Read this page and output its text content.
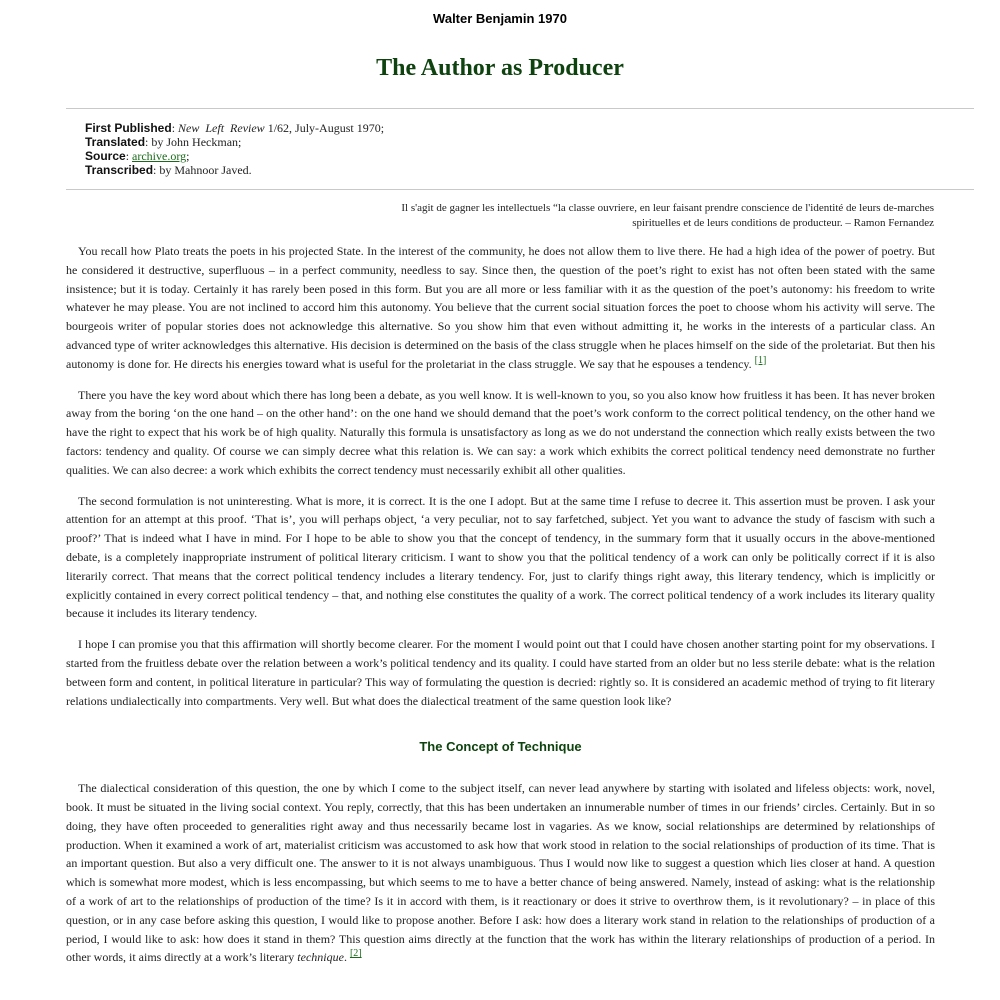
Walter Benjamin 1970
The Author as Producer
First Published: New Left Review 1/62, July-August 1970;
Translated: by John Heckman;
Source: archive.org;
Transcribed: by Mahnoor Javed.
Il s'agit de gagner les intellectuels “la classe ouvriere, en leur faisant prendre conscience de l'identité de leurs de-marches
spirituelles et de leurs conditions de producteur. – Ramon Fernandez

You recall how Plato treats the poets in his projected State. In the interest of the community, he does not allow them to live there. He had a high idea of the power of poetry. But he considered it destructive, superfluous – in a perfect community, needless to say. Since then, the question of the poet’s right to exist has not often been stated with the same insistence; but it is today. Certainly it has rarely been posed in this form. But you are all more or less familiar with it as the question of the poet’s autonomy: his freedom to write whatever he may please. You are not inclined to accord him this autonomy. You believe that the current social situation forces the poet to choose whom his activity will serve. The bourgeois writer of popular stories does not acknowledge this alternative. So you show him that even without admitting it, he works in the interests of a particular class. An advanced type of writer acknowledges this alternative. His decision is determined on the basis of the class struggle when he places himself on the side of the proletariat. But then his autonomy is done for. He directs his energies toward what is useful for the proletariat in the class struggle. We say that he espouses a tendency. [1]

There you have the key word about which there has long been a debate, as you well know. It is well-known to you, so you also know how fruitless it has been. It has never broken away from the boring ‘on the one hand – on the other hand’: on the one hand we should demand that the poet’s work conform to the correct political tendency, on the other hand we have the right to expect that his work be of high quality. Naturally this formula is unsatisfactory as long as we do not understand the connection which really exists between the two factors: tendency and quality. Of course we can simply decree what this relation is. We can say: a work which exhibits the correct political tendency need demonstrate no further qualities. We can also decree: a work which exhibits the correct tendency must necessarily exhibit all other qualities.

The second formulation is not uninteresting. What is more, it is correct. It is the one I adopt. But at the same time I refuse to decree it. This assertion must be proven. I ask your attention for an attempt at this proof. ‘That is’, you will perhaps object, ‘a very peculiar, not to say farfetched, subject. Yet you want to advance the study of fascism with such a proof?’ That is indeed what I have in mind. For I hope to be able to show you that the concept of tendency, in the summary form that it usually occurs in the above-mentioned debate, is a completely inappropriate instrument of political literary criticism. I want to show you that the political tendency of a work can only be politically correct if it is also literarily correct. That means that the correct political tendency includes a literary tendency. For, just to clarify things right away, this literary tendency, which is implicitly or explicitly contained in every correct political tendency – that, and nothing else constitutes the quality of a work. The correct political tendency of a work includes its literary quality because it includes its literary tendency.

I hope I can promise you that this affirmation will shortly become clearer. For the moment I would point out that I could have chosen another starting point for my observations. I started from the fruitless debate over the relation between a work’s political tendency and its quality. I could have started from an older but no less sterile debate: what is the relation between form and content, in political literature in particular? This way of formulating the question is decried: rightly so. It is considered an academic method of trying to fit literary relations undialectically into compartments. Very well. But what does the dialectical treatment of the same question look like?

The Concept of Technique

The dialectical consideration of this question, the one by which I come to the subject itself, can never lead anywhere by starting with isolated and lifeless objects: work, novel, book. It must be situated in the living social context. You reply, correctly, that this has been undertaken an innumerable number of times in our friends’ circles. Certainly. But in so doing, they have often proceeded to generalities right away and thus necessarily became lost in vagaries. As we know, social relationships are determined by relationships of production. When it examined a work of art, materialist criticism was accustomed to ask how that work stood in relation to the social relationships of production of its time. That is an important question. But also a very difficult one. The answer to it is not always unambiguous. Thus I would now like to suggest a question which lies closer at hand. A question which is somewhat more modest, which is less encompassing, but which seems to me to have a better chance of being answered. Namely, instead of asking: what is the relationship of a work of art to the relationships of production of the time? Is it in accord with them, is it reactionary or does it strive to overthrow them, is it revolutionary? – in place of this question, or in any case before asking this question, I would like to propose another. Before I ask: how does a literary work stand in relation to the relationships of production of a period, I would like to ask: how does it stand in them? This question aims directly at the function that the work has within the literary relationships of production of a period. In other words, it aims directly at a work’s literary technique. [2]
